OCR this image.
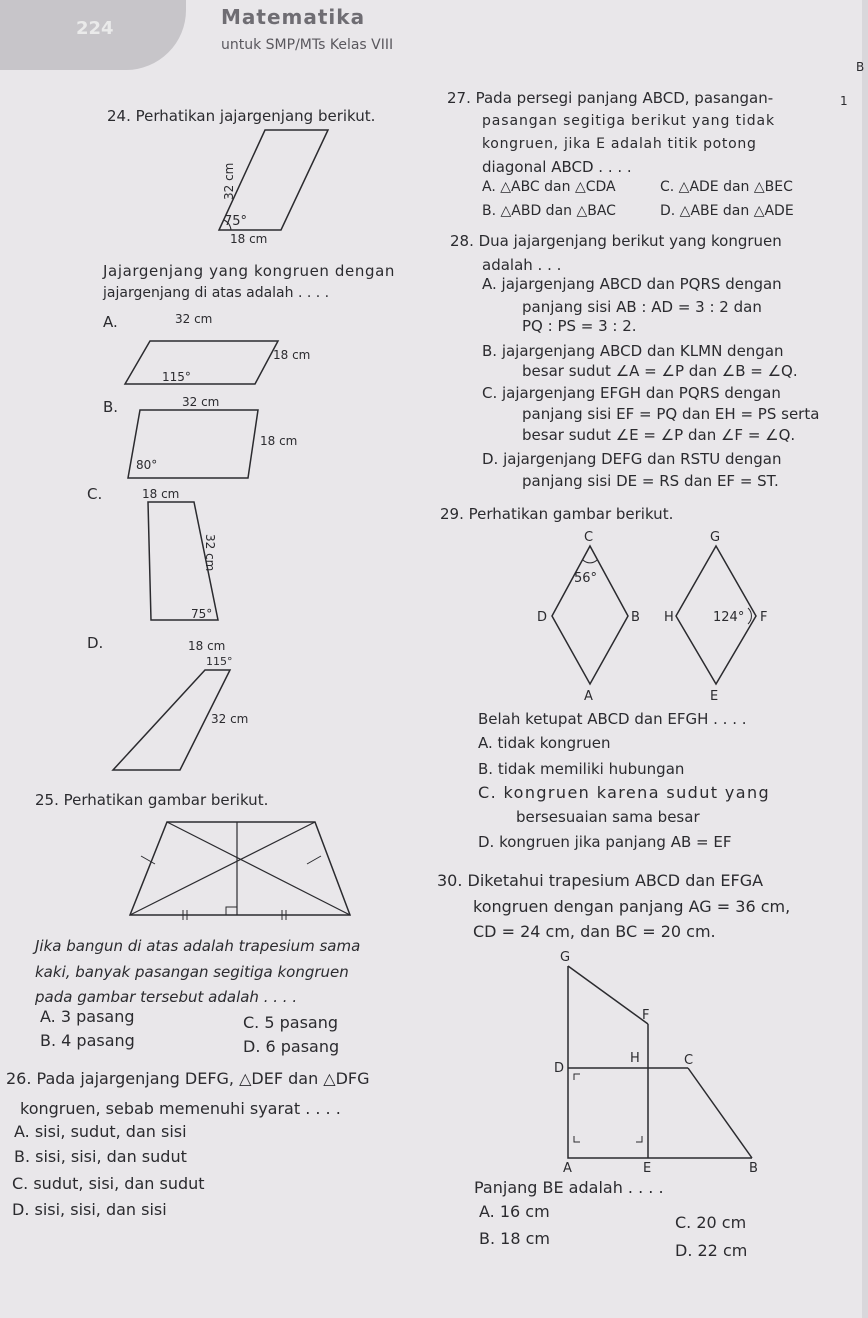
224	Matematika
untuk SMP/MTs Kelas VIII
B
1
24. Perhatikan jajargenjang berikut.
75°
18 cm
32 cm
Jajargenjang yang kongruen dengan
jajargenjang di atas adalah . . . .
A.	32 cm
18 cm
115°
B.	32 cm
18 cm
80°
C.	18 cm
32 cm
75°
D.	18 cm
115°
32 cm
25. Perhatikan gambar berikut.
Jika bangun di atas adalah trapesium sama
kaki, banyak pasangan segitiga kongruen
pada gambar tersebut adalah . . . .
A. 3 pasang	C. 5 pasang
B. 4 pasang	D. 6 pasang
26. Pada jajargenjang DEFG, △DEF dan △DFG
kongruen, sebab memenuhi syarat . . . .
A. sisi, sudut, dan sisi
B. sisi, sisi, dan sudut
C. sudut, sisi, dan sudut
D. sisi, sisi, dan sisi
27. Pada persegi panjang ABCD, pasangan-
pasangan segitiga berikut yang tidak
kongruen, jika E adalah titik potong
diagonal ABCD . . . .
A. △ABC dan △CDA	C. △ADE dan △BEC
B. △ABD dan △BAC	D. △ABE dan △ADE
28. Dua jajargenjang berikut yang kongruen
adalah . . .
A. jajargenjang ABCD dan PQRS dengan
panjang sisi AB : AD = 3 : 2 dan
PQ : PS = 3 : 2.
B. jajargenjang ABCD dan KLMN dengan
besar sudut ∠A = ∠P dan ∠B = ∠Q.
C. jajargenjang EFGH dan PQRS dengan
panjang sisi EF = PQ dan EH = PS serta
besar sudut ∠E = ∠P dan ∠F = ∠Q.
D. jajargenjang DEFG dan RSTU dengan
panjang sisi DE = RS dan EF = ST.
29. Perhatikan gambar berikut.
C
D	B
A
56°
G
H	F
E
124°
Belah ketupat ABCD dan EFGH . . . .
A. tidak kongruen
B. tidak memiliki hubungan
C. kongruen karena sudut yang
bersesuaian sama besar
D. kongruen jika panjang AB = EF
30. Diketahui trapesium ABCD dan EFGA
kongruen dengan panjang AG = 36 cm,
CD = 24 cm, dan BC = 20 cm.
G
F
D
H	C
A	E	B
Panjang BE adalah . . . .
A. 16 cm
C. 20 cm
B. 18 cm
D. 22 cm
